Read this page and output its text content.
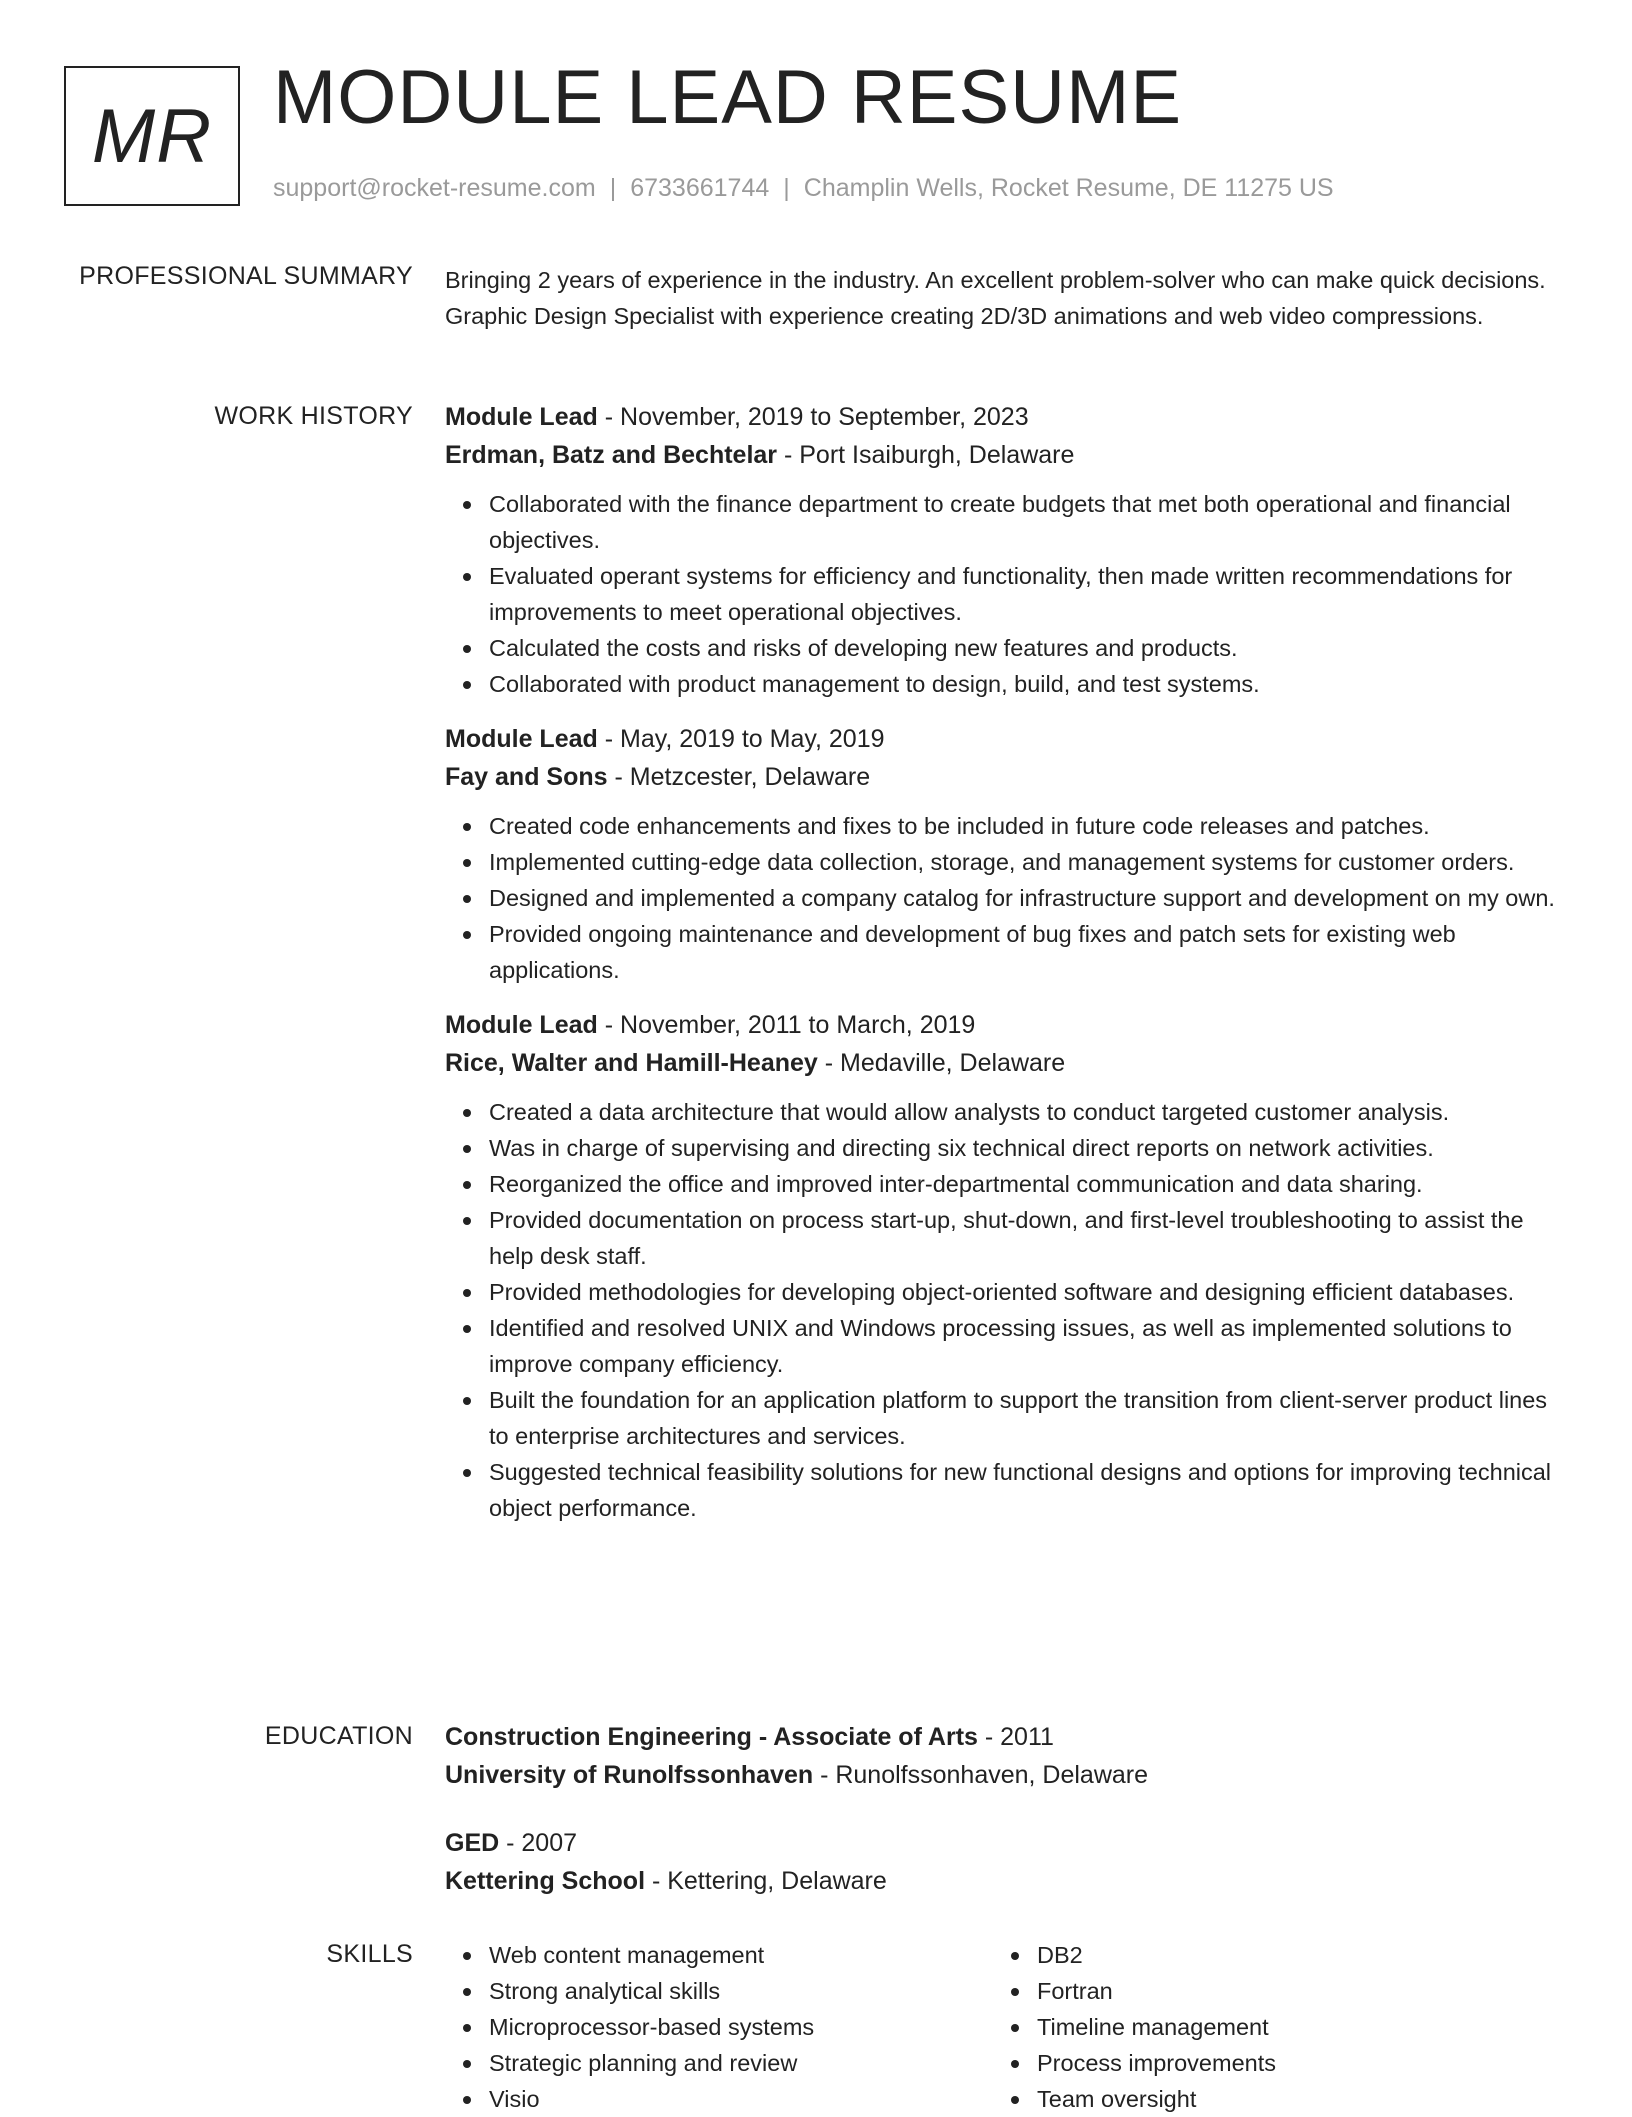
MR MODULE LEAD RESUME
support@rocket-resume.com | 6733661744 | Champlin Wells, Rocket Resume, DE 11275 US
PROFESSIONAL SUMMARY Bringing 2 years of experience in the industry. An excellent problem-solver who can make quick decisions. Graphic Design Specialist with experience creating 2D/3D animations and web video compressions.

WORK HISTORY Module Lead - November, 2019 to September, 2023
Erdman, Batz and Bechtelar - Port Isaiburgh, Delaware
Collaborated with the finance department to create budgets that met both operational and financial objectives.
Evaluated operant systems for efficiency and functionality, then made written recommendations for improvements to meet operational objectives.
Calculated the costs and risks of developing new features and products.
Collaborated with product management to design, build, and test systems.
Module Lead - May, 2019 to May, 2019
Fay and Sons - Metzcester, Delaware
Created code enhancements and fixes to be included in future code releases and patches.
Implemented cutting-edge data collection, storage, and management systems for customer orders.
Designed and implemented a company catalog for infrastructure support and development on my own.
Provided ongoing maintenance and development of bug fixes and patch sets for existing web applications.
Module Lead - November, 2011 to March, 2019
Rice, Walter and Hamill-Heaney - Medaville, Delaware
Created a data architecture that would allow analysts to conduct targeted customer analysis.
Was in charge of supervising and directing six technical direct reports on network activities.
Reorganized the office and improved inter-departmental communication and data sharing.
Provided documentation on process start-up, shut-down, and first-level troubleshooting to assist the help desk staff.
Provided methodologies for developing object-oriented software and designing efficient databases.
Identified and resolved UNIX and Windows processing issues, as well as implemented solutions to improve company efficiency.
Built the foundation for an application platform to support the transition from client-server product lines to enterprise architectures and services.
Suggested technical feasibility solutions for new functional designs and options for improving technical object performance.
EDUCATION Construction Engineering - Associate of Arts - 2011
University of Runolfssonhaven - Runolfssonhaven, Delaware
GED - 2007
Kettering School - Kettering, Delaware
SKILLS	Web content management
Strong analytical skills
Microprocessor-based systems
Strategic planning and review
Visio
DB2
Fortran
Timeline management
Process improvements
Team oversight
